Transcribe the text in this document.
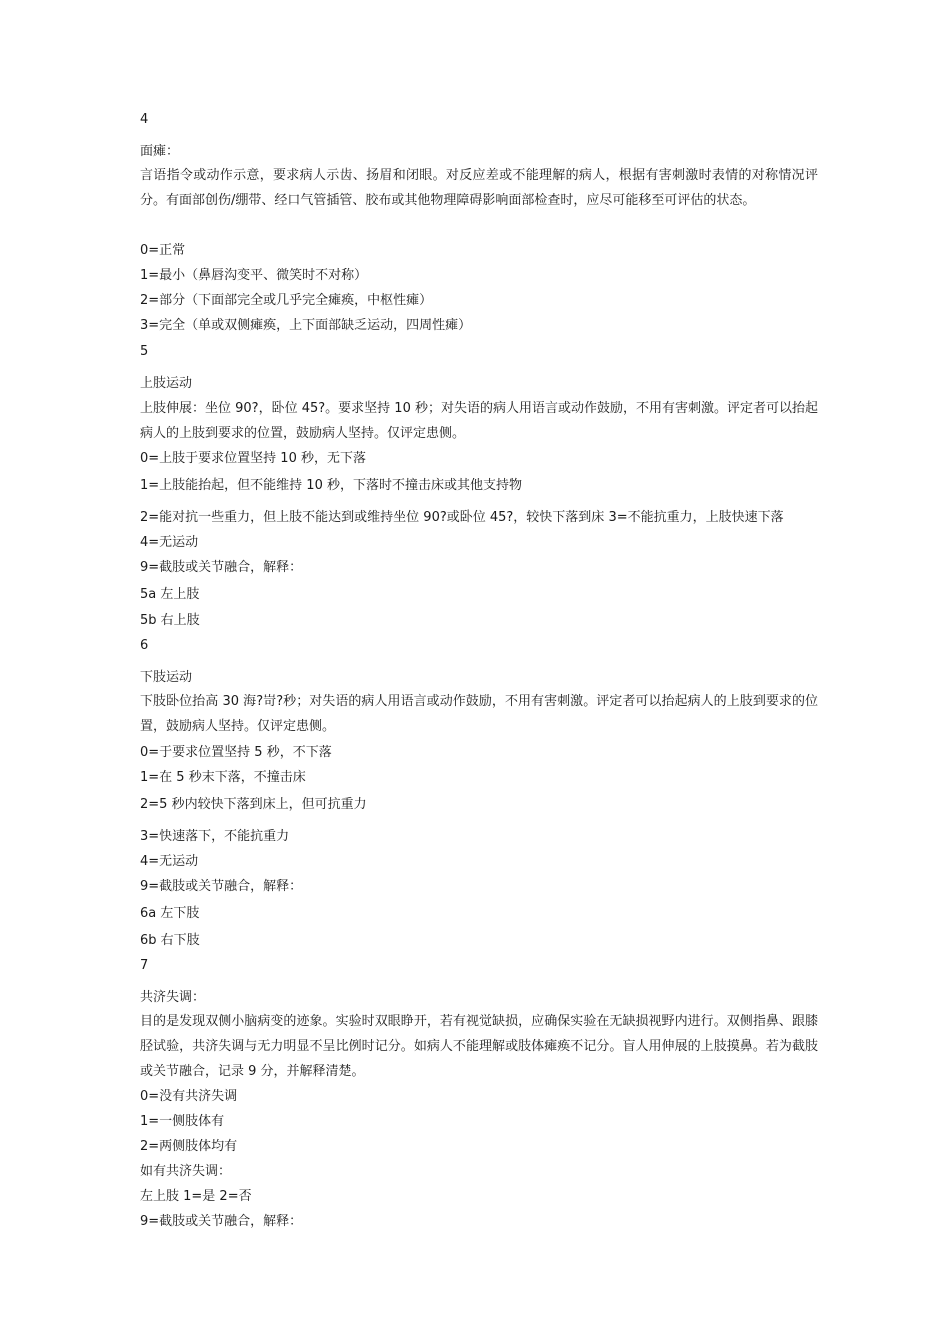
4
面瘫：
言语指令或动作示意，要求病人示齿、扬眉和闭眼。对反应差或不能理解的病人，根据有害刺激时表情的对称情况评分。有面部创伤/绷带、经口气管插管、胶布或其他物理障碍影响面部检查时，应尽可能移至可评估的状态。
0=正常
1=最小（鼻唇沟变平、微笑时不对称）
2=部分（下面部完全或几乎完全瘫痪，中枢性瘫）
3=完全（单或双侧瘫痪，上下面部缺乏运动，四周性瘫）
5
上肢运动
上肢伸展：坐位 90?，卧位 45?。要求坚持 10 秒；对失语的病人用语言或动作鼓励，不用有害刺激。评定者可以抬起病人的上肢到要求的位置，鼓励病人坚持。仅评定患侧。
0=上肢于要求位置坚持 10 秒，无下落
1=上肢能抬起，但不能维持 10 秒，下落时不撞击床或其他支持物
2=能对抗一些重力，但上肢不能达到或维持坐位 90?或卧位 45?，较快下落到床 3=不能抗重力，上肢快速下落
4=无运动
9=截肢或关节融合，解释：
5a 左上肢
5b 右上肢
6
下肢运动
下肢卧位抬高 30 海?岢?秒；对失语的病人用语言或动作鼓励，不用有害刺激。评定者可以抬起病人的上肢到要求的位置，鼓励病人坚持。仅评定患侧。
0=于要求位置坚持 5 秒，不下落
1=在 5 秒末下落，不撞击床
2=5 秒内较快下落到床上，但可抗重力
3=快速落下，不能抗重力
4=无运动
9=截肢或关节融合，解释：
6a 左下肢
6b 右下肢
7
共济失调：
目的是发现双侧小脑病变的迹象。实验时双眼睁开，若有视觉缺损，应确保实验在无缺损视野内进行。双侧指鼻、跟膝胫试验，共济失调与无力明显不呈比例时记分。如病人不能理解或肢体瘫痪不记分。盲人用伸展的上肢摸鼻。若为截肢或关节融合，记录 9 分，并解释清楚。
0=没有共济失调
1=一侧肢体有
2=两侧肢体均有
如有共济失调：
左上肢 1=是 2=否
9=截肢或关节融合，解释：
